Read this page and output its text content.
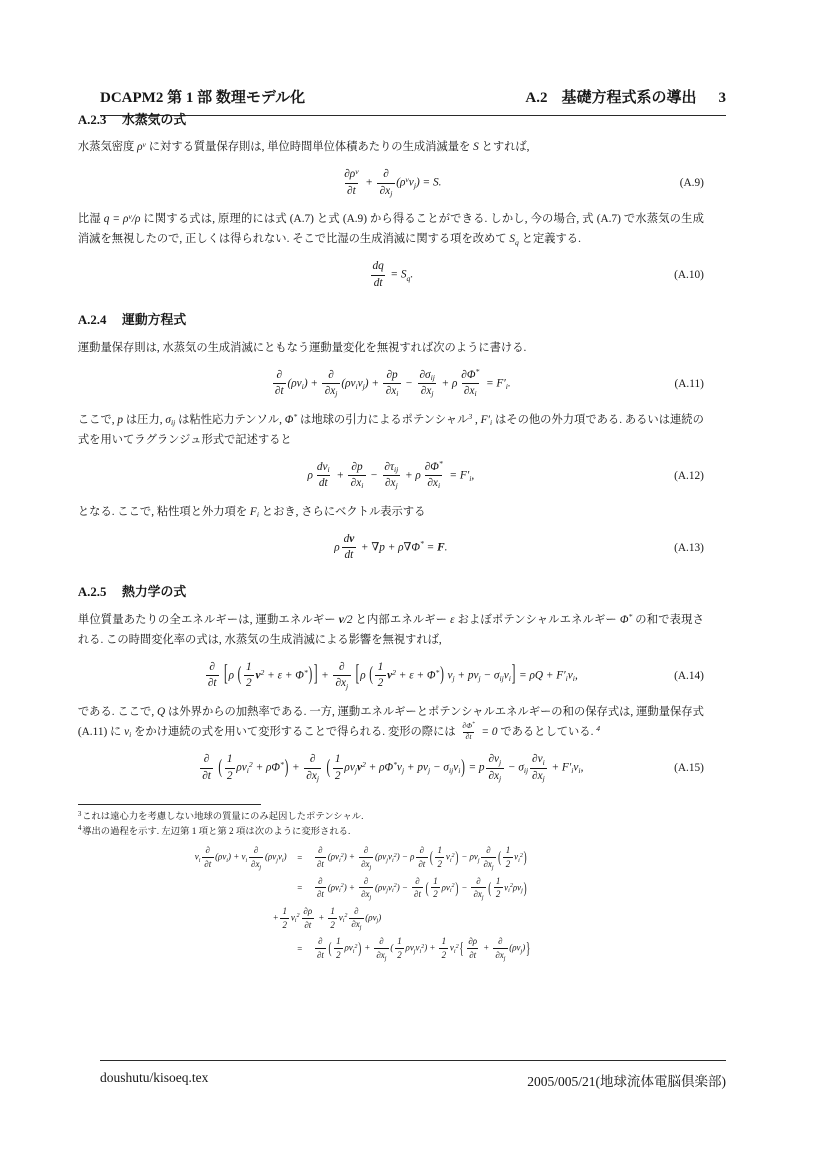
DCAPM2 第 1 部 数理モデル化	A.2 基礎方程式系の導出 3
A.2.3 水蒸気の式
水蒸気密度 $\rho^v$ に対する質量保存則は, 単位時間単位体積あたりの生成消滅量を S とすれば,
$\frac{\partial\rho^v}{\partial t}$ +
∂
$\partial x_j$
$(\rho^vv_j) = S$.	(A.9)
比湿 $q = \rho^v/\rho$ に関する式は, 原理的には式 (A.7) と式 (A.9) から得ることができる. しかし, 今の場合, 式 (A.7) で水蒸気の生成消滅を無視したので, 正しくは得られない. そこで比湿の生成消滅に関する項を改めて $S_q$ と定義する.
$\frac{dq}{dt} = S_q$.	(A.10)
A.2.4 運動方程式
運動量保存則は, 水蒸気の生成消滅にともなう運動量変化を無視すれば次のように書ける.
∂
∂t
$(\rho v_i)$ +
∂
$\partial x_j$
$(\rho v_iv_j) + \frac{\partial p}{\partial x_i}$ −
$\partial\sigma_{ij}$
$\partial x_j$
+ ρ $\frac{\partial\Phi^*}{\partial x_i} = F'_i$.	(A.11)
ここで, p は圧力, $\sigma_{ij}$ は粘性応力テンソル, Φ* は地球の引力によるポテンシャル$^3$ , $F'_i$ はその他の外力項である. あるいは連続の式を用いてラグランジュ形式で記述すると
ρ
$dv_i$
dt
+ $\frac{\partial p}{\partial x_i}$ −
$\partial\tau_{ij}$
$\partial x_j$
+ ρ $\frac{\partial\Phi^*}{\partial x_i} = F'_i$,	(A.12)
となる. ここで, 粘性項と外力項を $F_i$ とおき, さらにベクトル表示する
ρ $\frac{dv}{dt} + \nabla p + \rho\nabla\Phi^* = F$.	(A.13)
A.2.5 熱力学の式
単位質量あたりの全エネルギーは, 運動エネルギー v/2 と内部エネルギー ε およぼポテンシャルエネルギー Φ* の和で表現される. この時間変化率の式は, 水蒸気の生成消滅による影響を無視すれば,
∂
∂t [ρ ( $\frac{1}{2} v^2 + \varepsilon + \Phi^*$) ] +
∂
$\partial x_j$ [ρ ( $\frac{1}{2} v^2 + \varepsilon + \Phi^*$) $v_j + pv_j - \sigma_{ij}v_i] = \rho Q + F'_iv_i$,	(A.14)
である. ここで, Q は外界からの加熱率である. 一方, 運動エネルギーとポテンシャルエネルギーの和の保存式は, 運動量保存式 (A.11) に $v_i$ をかけ連続の式を用いて変形することで得られる. 変形の際には $\frac{\partial\Phi^*}{\partial t} = 0$ であるとしている. $^4$
∂
∂t ( $\frac{1}{2} \rho v_i^2 + \rho\Phi^*$) +
∂
$\partial x_j$
( $\frac{1}{2} \rho v_jv^2 + \rho\Phi^*v_j + pv_j - \sigma_{ij}v_i) = p \frac{\partial v_j}{\partial x_j} - \sigma_{ij} \frac{\partial v_i}{\partial x_j} + F'_iv_i$,	(A.15)
$^3$これは遠心力を考慮しない地球の質量にのみ起因したポテンシャル.
$^4$導出の過程を示す. 左辺第 1 項と第 2 項は次のように変形される.
$v_i$
∂
∂t
$(\rho v_i) + v_i$
∂
$\partial x_j$
$(\rho v_jv_i)$ =
∂
∂t
$(\rho v_i^2)$ +
∂
$\partial x_j$
$(\rho v_jv_i^2) - \rho$
∂
∂t ( $\frac{1}{2} v_i^2) - \rho v_j$
∂
$\partial x_j$
( $\frac{1}{2} v_i^2$)
=
∂
∂t
$(\rho v_i^2)$ +
∂
$\partial x_j$
$(\rho v_jv_i^2)$ −
∂
∂t ( $\frac{1}{2} \rho v_i^2$) −
∂
$\partial x_j$
( $\frac{1}{2} v_i^2\rho v_j$)
+ $\frac{1}{2} v_i^2 \frac{\partial\rho}{\partial t} + \frac{1}{2} v_i^2$
∂
$\partial x_j$
$(\rho v_j)$
=
∂
∂t ( $\frac{1}{2} \rho v_i^2$) +
∂
$\partial x_j$
( $\frac{1}{2} \rho v_jv_i^2) + \frac{1}{2} v_i^2\{ \frac{\partial\rho}{\partial t}$ +
∂
$\partial x_j$
$(\rho v_j)$}
doushutu/kisoeq.tex	2005/005/21(地球流体電脳倶楽部)
